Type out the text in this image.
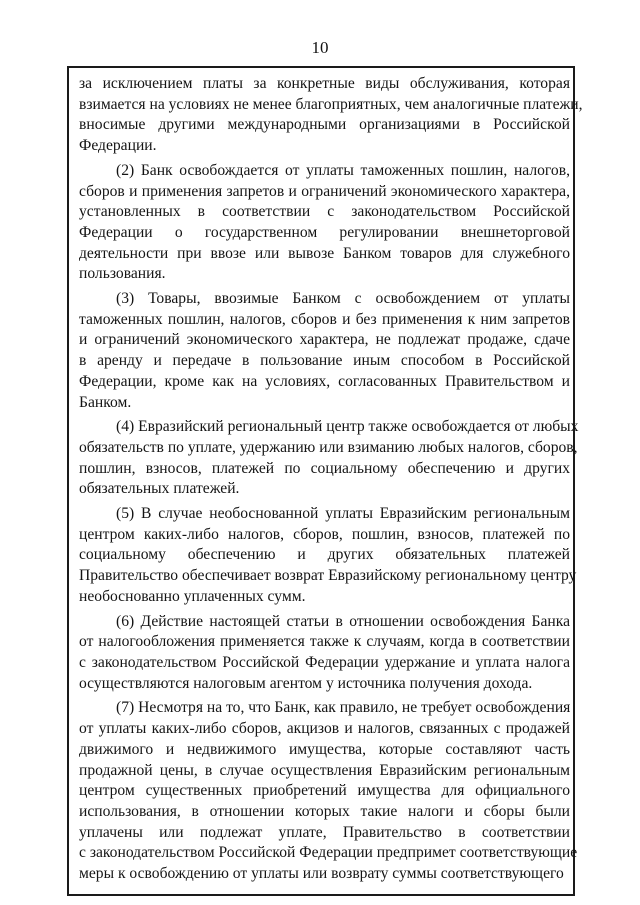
10
за исключением платы за конкретные виды обслуживания, которая
взимается на условиях не менее благоприятных, чем аналогичные платежи,
вносимые другими международными организациями в Российской
Федерации.
(2) Банк освобождается от уплаты таможенных пошлин, налогов,
сборов и применения запретов и ограничений экономического характера,
установленных в соответствии с законодательством Российской
Федерации о государственном регулировании внешнеторговой
деятельности при ввозе или вывозе Банком товаров для служебного
пользования.
(3) Товары, ввозимые Банком с освобождением от уплаты
таможенных пошлин, налогов, сборов и без применения к ним запретов
и ограничений экономического характера, не подлежат продаже, сдаче
в аренду и передаче в пользование иным способом в Российской
Федерации, кроме как на условиях, согласованных Правительством и
Банком.
(4) Евразийский региональный центр также освобождается от любых
обязательств по уплате, удержанию или взиманию любых налогов, сборов,
пошлин, взносов, платежей по социальному обеспечению и других
обязательных платежей.
(5) В случае необоснованной уплаты Евразийским региональным
центром каких-либо налогов, сборов, пошлин, взносов, платежей по
социальному обеспечению и других обязательных платежей
Правительство обеспечивает возврат Евразийскому региональному центру
необоснованно уплаченных сумм.
(6) Действие настоящей статьи в отношении освобождения Банка
от налогообложения применяется также к случаям, когда в соответствии
с законодательством Российской Федерации удержание и уплата налога
осуществляются налоговым агентом у источника получения дохода.
(7) Несмотря на то, что Банк, как правило, не требует освобождения
от уплаты каких-либо сборов, акцизов и налогов, связанных с продажей
движимого и недвижимого имущества, которые составляют часть
продажной цены, в случае осуществления Евразийским региональным
центром существенных приобретений имущества для официального
использования, в отношении которых такие налоги и сборы были
уплачены или подлежат уплате, Правительство в соответствии
с законодательством Российской Федерации предпримет соответствующие
меры к освобождению от уплаты или возврату суммы соответствующего
